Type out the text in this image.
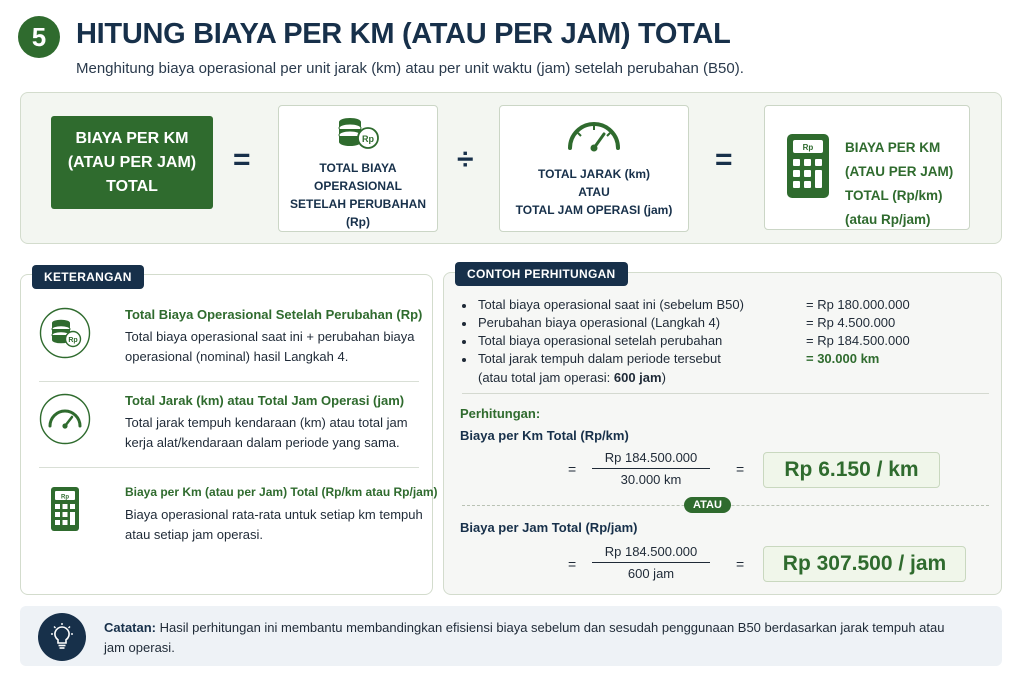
5 HITUNG BIAYA PER KM (ATAU PER JAM) TOTAL
Menghitung biaya operasional per unit jarak (km) atau per unit waktu (jam) setelah perubahan (B50).
BIAYA PER KM
(ATAU PER JAM)
TOTAL
=
Rp
TOTAL BIAYA
OPERASIONAL
SETELAH PERUBAHAN
(Rp)
÷	TOTAL JARAK (km)
ATAU
TOTAL JAM OPERASI (jam)
=	Rp BIAYA PER KM
(ATAU PER JAM)
TOTAL (Rp/km)
(atau Rp/jam)
Rp
Total Biaya Operasional Setelah Perubahan (Rp)
Total biaya operasional saat ini + perubahan biaya operasional (nominal) hasil Langkah 4.
Total Jarak (km) atau Total Jam Operasi (jam)
Total jarak tempuh kendaraan (km) atau total jam kerja alat/kendaraan dalam periode yang sama.
Rp	Biaya per Km (atau per Jam) Total (Rp/km atau Rp/jam)
Biaya operasional rata-rata untuk setiap km tempuh atau setiap jam operasi.
KETERANGAN
Total biaya operasional saat ini (sebelum B50)	= Rp 180.000.000
Perubahan biaya operasional (Langkah 4)	= Rp 4.500.000
Total biaya operasional setelah perubahan	= Rp 184.500.000
Total jarak tempuh dalam periode tersebut	= 30.000 km
(atau total jam operasi: 600 jam)
Perhitungan:
Biaya per Km Total (Rp/km)
=
Rp 184.500.000
30.000 km
=	Rp 6.150 / km
ATAU
Biaya per Jam Total (Rp/jam)
=
Rp 184.500.000
600 jam
=	Rp 307.500 / jam
CONTOH PERHITUNGAN
Catatan: Hasil perhitungan ini membantu membandingkan efisiensi biaya sebelum dan sesudah penggunaan B50 berdasarkan jarak tempuh atau jam operasi.
